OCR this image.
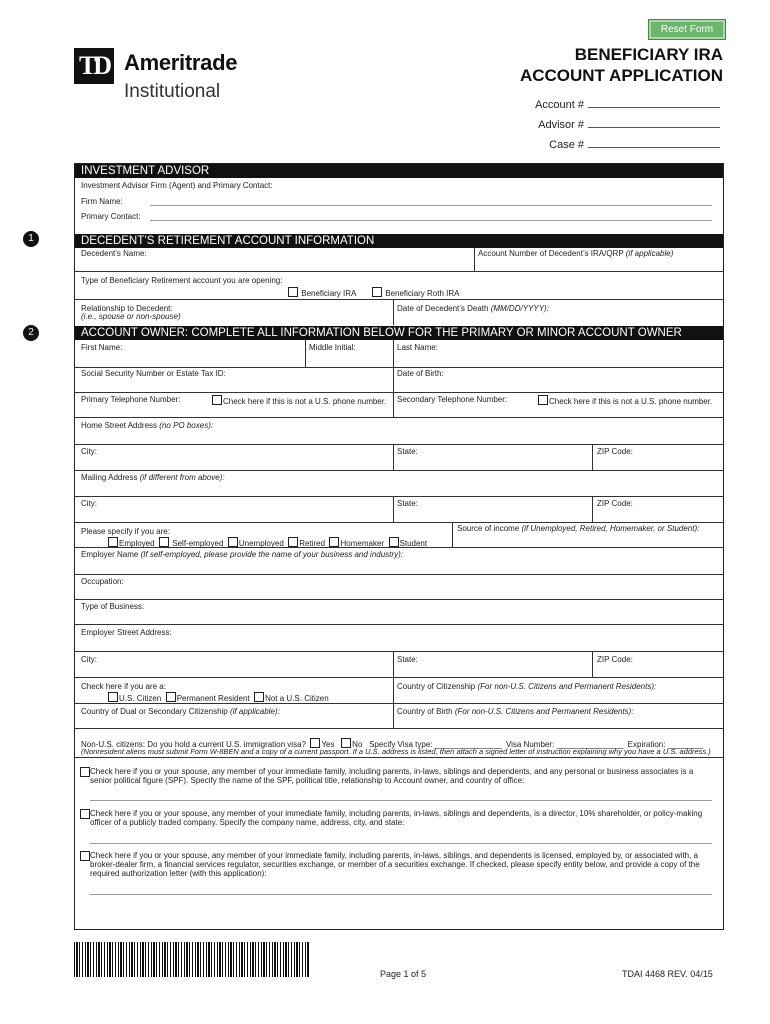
Reset Form
TD Ameritrade
Institutional
BENEFICIARY IRA
ACCOUNT APPLICATION
Account #
Advisor #
Case #
INVESTMENT ADVISOR
Investment Advisor Firm (Agent) and Primary Contact:
Firm Name:
Primary Contact:
1	DECEDENT’S RETIREMENT ACCOUNT INFORMATION
Decedent’s Name:	Account Number of Decedent’s IRA/QRP (if applicable)
Type of Beneficiary Retirement account you are opening:
Beneficiary IRA	Beneficiary Roth IRA
Relationship to Decedent:
(i.e., spouse or non-spouse)
Date of Decedent’s Death (MM/DD/YYYY):
2	ACCOUNT OWNER: COMPLETE ALL INFORMATION BELOW FOR THE PRIMARY OR MINOR ACCOUNT OWNER
First Name:	Middle Initial:	Last Name:
Social Security Number or Estate Tax ID:	Date of Birth:
Primary Telephone Number:	Check here if this is not a U.S. phone number. Secondary Telephone Number:	Check here if this is not a U.S. phone number.
Home Street Address (no PO boxes):
City:	State:	ZIP Code:
Mailing Address (if different from above):
City:	State:	ZIP Code:
Please specify if you are:
Employed Self-employed Unemployed Retired Homemaker Student
Source of income (if Unemployed, Retired, Homemaker, or Student):
Employer Name (If self-employed, please provide the name of your business and industry):
Occupation:
Type of Business:
Employer Street Address:
City:	State:	ZIP Code:
Check here if you are a:
U.S. Citizen Permanent Resident Not a U.S. Citizen
Country of Citizenship (For non-U.S. Citizens and Permanent Residents):
Country of Dual or Secondary Citizenship (if applicable):	Country of Birth (For non-U.S. Citizens and Permanent Residents):
Non-U.S. citizens: Do you hold a current U.S. immigration visa? Yes No Specify Visa type: _______________ Visa Number: _______________ Expiration: ________
(Nonresident aliens must submit Form W-8BEN and a copy of a current passport. If a U.S. address is listed, then attach a signed letter of instruction explaining why you have a U.S. address.)
Check here if you or your spouse, any member of your immediate family, including parents, in-laws, siblings and dependents, and any personal or business associates is a
senior political figure (SPF). Specify the name of the SPF, political title, relationship to Account owner, and country of office:
Check here if you or your spouse, any member of your immediate family, including parents, in-laws, siblings and dependents, is a director, 10% shareholder, or policy-making
officer of a publicly traded company. Specify the company name, address, city, and state:
Check here if you or your spouse, any member of your immediate family, including parents, in-laws, siblings, and dependents is licensed, employed by, or associated with, a
broker-dealer firm, a financial services regulator, securities exchange, or member of a securities exchange. If checked, please specify entity below, and provide a copy of the
required authorization letter (with this application):
Page 1 of 5	TDAI 4468 REV. 04/15
